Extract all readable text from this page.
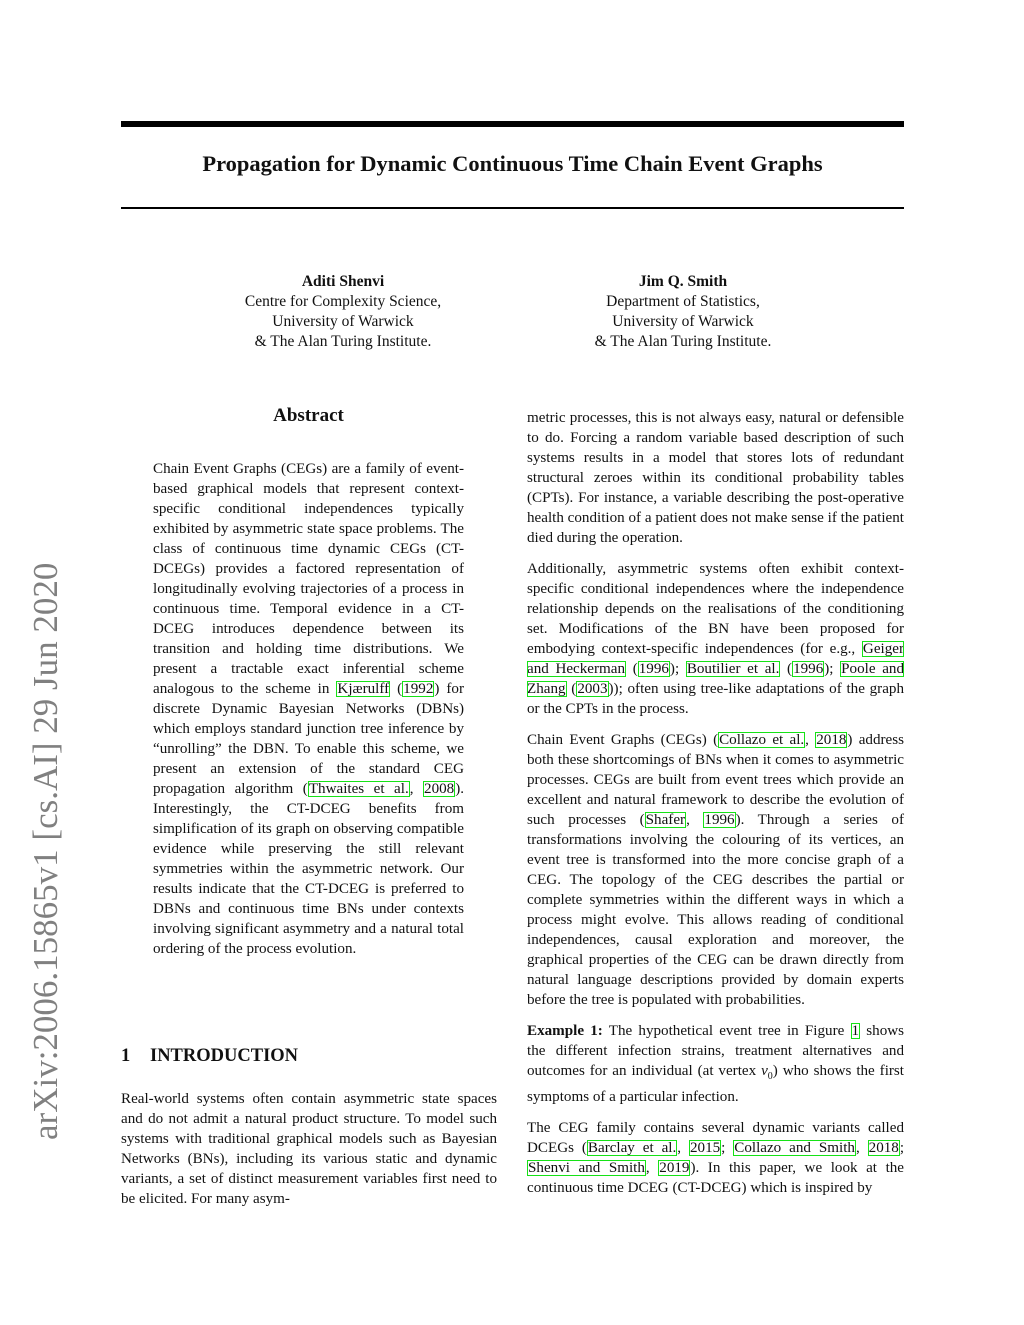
Propagation for Dynamic Continuous Time Chain Event Graphs
arXiv:2006.15865v1 [cs.AI] 29 Jun 2020
Aditi Shenvi
Centre for Complexity Science,
University of Warwick
& The Alan Turing Institute.
Jim Q. Smith
Department of Statistics,
University of Warwick
& The Alan Turing Institute.
Abstract

Chain Event Graphs (CEGs) are a family of event-based graphical models that represent context-specific conditional independences typically exhibited by asymmetric state space problems. The class of continuous time dynamic CEGs (CT-DCEGs) provides a factored representation of longitudinally evolving trajectories of a process in continuous time. Temporal evidence in a CT-DCEG introduces dependence between its transition and holding time distributions. We present a tractable exact inferential scheme analogous to the scheme in Kjærulff (1992) for discrete Dynamic Bayesian Networks (DBNs) which employs standard junction tree inference by “unrolling” the DBN. To enable this scheme, we present an extension of the standard CEG propagation algorithm (Thwaites et al., 2008). Interestingly, the CT-DCEG benefits from simplification of its graph on observing compatible evidence while preserving the still relevant symmetries within the asymmetric network. Our results indicate that the CT-DCEG is preferred to DBNs and continuous time BNs under contexts involving significant asymmetry and a natural total ordering of the process evolution.

1 INTRODUCTION

Real-world systems often contain asymmetric state spaces and do not admit a natural product structure. To model such systems with traditional graphical models such as Bayesian Networks (BNs), including its various static and dynamic variants, a set of distinct measurement variables first need to be elicited. For many asym-

metric processes, this is not always easy, natural or defensible to do. Forcing a random variable based description of such systems results in a model that stores lots of redundant structural zeroes within its conditional probability tables (CPTs). For instance, a variable describing the post-operative health condition of a patient does not make sense if the patient died during the operation.

Additionally, asymmetric systems often exhibit context-specific conditional independences where the independence relationship depends on the realisations of the conditioning set. Modifications of the BN have been proposed for embodying context-specific independences (for e.g., Geiger and Heckerman (1996); Boutilier et al. (1996); Poole and Zhang (2003)); often using tree-like adaptations of the graph or the CPTs in the process.

Chain Event Graphs (CEGs) (Collazo et al., 2018) address both these shortcomings of BNs when it comes to asymmetric processes. CEGs are built from event trees which provide an excellent and natural framework to describe the evolution of such processes (Shafer, 1996). Through a series of transformations involving the colouring of its vertices, an event tree is transformed into the more concise graph of a CEG. The topology of the CEG describes the partial or complete symmetries within the different ways in which a process might evolve. This allows reading of conditional independences, causal exploration and moreover, the graphical properties of the CEG can be drawn directly from natural language descriptions provided by domain experts before the tree is populated with probabilities.

Example 1: The hypothetical event tree in Figure 1 shows the different infection strains, treatment alternatives and outcomes for an individual (at vertex $v_0$) who shows the first symptoms of a particular infection.

The CEG family contains several dynamic variants called DCEGs (Barclay et al., 2015; Collazo and Smith, 2018; Shenvi and Smith, 2019). In this paper, we look at the continuous time DCEG (CT-DCEG) which is inspired by
